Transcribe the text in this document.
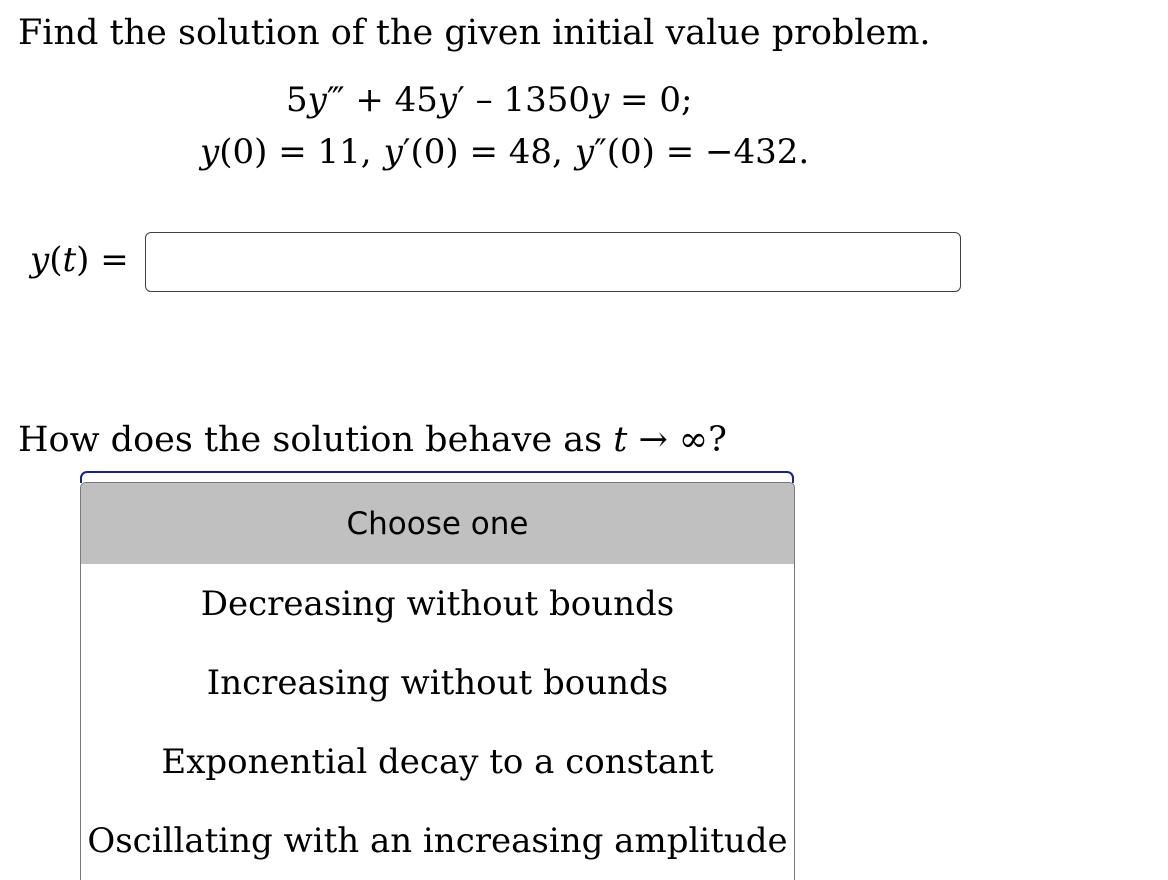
Find the solution of the given initial value problem.
5y‴ + 45y′ – 1350y = 0;
y(0) = 11, y′(0) = 48, y″(0) = −432.
y(t) =
How does the solution behave as t → ∞?
Choose one
Decreasing without bounds
Increasing without bounds
Exponential decay to a constant
Oscillating with an increasing amplitude
